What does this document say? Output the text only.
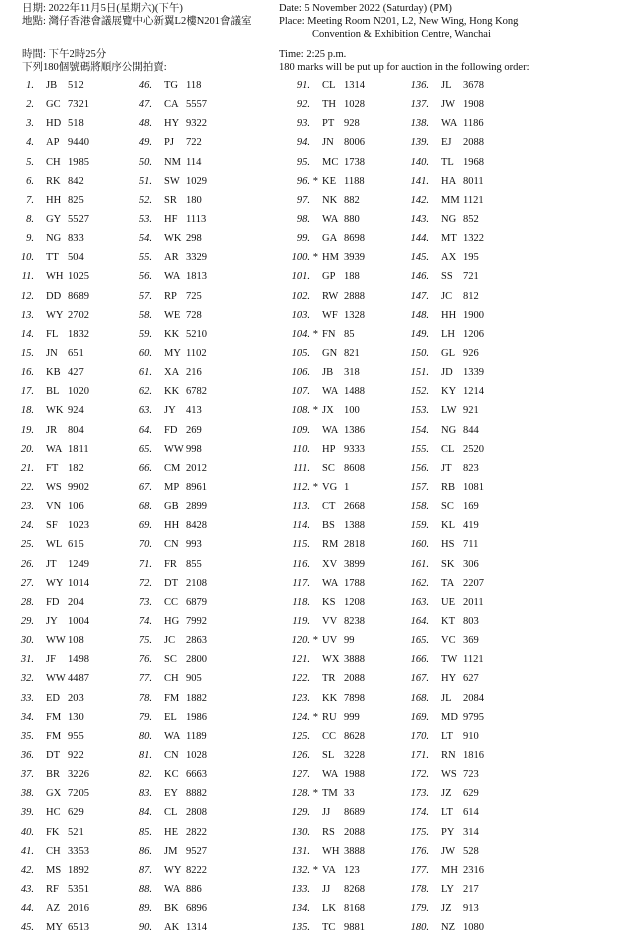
日期: 2022年11月5日(星期六)(下午)
地點: 灣仔香港會議展覽中心新翼L2樓N201會議室
Date: 5 November 2022 (Saturday) (PM)
Place: Meeting Room N201, L2, New Wing, Hong Kong
Convention & Exhibition Centre, Wanchai
時間: 下午2時25分
下列180個號碼將順序公開拍賣:
Time: 2:25 p.m.
180 marks will be put up for auction in the following order:
1. JB 512
2. GC 7321
3. HD 518
4. AP 9440
5. CH 1985
6. RK 842
7. HH 825
8. GY 5527
9. NG 833
10. TT 504
11. WH 1025
12. DD 8689
13. WY 2702
14. FL 1832
15. JN 651
16. KB 427
17. BL 1020
18. WK 924
19. JR 804
20. WA 1811
21. FT 182
22. WS 9902
23. VN 106
24. SF 1023
25. WL 615
26. JT 1249
27. WY 1014
28. FD 204
29. JY 1004
30. WW 108
31. JF 1498
32. WW 4487
33. ED 203
34. FM 130
35. FM 955
36. DT 922
37. BR 3226
38. GX 7205
39. HC 629
40. FK 521
41. CH 3353
42. MS 1892
43. RF 5351
44. AZ 2016
45. MY 6513
46. TG 118
47. CA 5557
48. HY 9322
49. PJ 722
50. NM 114
51. SW 1029
52. SR 180
53. HF 1113
54. WK 298
55. AR 3329
56. WA 1813
57. RP 725
58. WE 728
59. KK 5210
60. MY 1102
61. XA 216
62. KK 6782
63. JY 413
64. FD 269
65. WW 998
66. CM 2012
67. MP 8961
68. GB 2899
69. HH 8428
70. CN 993
71. FR 855
72. DT 2108
73. CC 6879
74. HG 7992
75. JC 2863
76. SC 2800
77. CH 905
78. FM 1882
79. EL 1986
80. WA 1189
81. CN 1028
82. KC 6663
83. EY 8882
84. CL 2808
85. HE 2822
86. JM 9527
87. WY 8222
88. WA 886
89. BK 6896
90. AK 1314
91. CL 1314
92. TH 1028
93. PT 928
94. JN 8006
95. MC 1738
96. * KE 1188
97. NK 882
98. WA 880
99. GA 8698
100. * HM 3939
101. GP 188
102. RW 2888
103. WF 1328
104. * FN 85
105. GN 821
106. JB 318
107. WA 1488
108. * JX 100
109. WA 1386
110. HP 9333
111. SC 8608
112. * VG 1
113. CT 2668
114. BS 1388
115. RM 2818
116. XV 3899
117. WA 1788
118. KS 1208
119. VV 8238
120. * UV 99
121. WX 3888
122. TR 2088
123. KK 7898
124. * RU 999
125. CC 8628
126. SL 3228
127. WA 1988
128. * TM 33
129. JJ 8689
130. RS 2088
131. WH 3888
132. * VA 123
133. JJ 8268
134. LK 8168
135. TC 9881
136. JL 3678
137. JW 1908
138. WA 1186
139. EJ 2088
140. TL 1968
141. HA 8011
142. MM 1121
143. NG 852
144. MT 1322
145. AX 195
146. SS 721
147. JC 812
148. HH 1900
149. LH 1206
150. GL 926
151. JD 1339
152. KY 1214
153. LW 921
154. NG 844
155. CL 2520
156. JT 823
157. RB 1081
158. SC 169
159. KL 419
160. HS 711
161. SK 306
162. TA 2207
163. UE 2011
164. KT 803
165. VC 369
166. TW 1121
167. HY 627
168. JL 2084
169. MD 9795
170. LT 910
171. RN 1816
172. WS 723
173. JZ 629
174. LT 614
175. PY 314
176. JW 528
177. MH 2316
178. LY 217
179. JZ 913
180. NZ 1080
